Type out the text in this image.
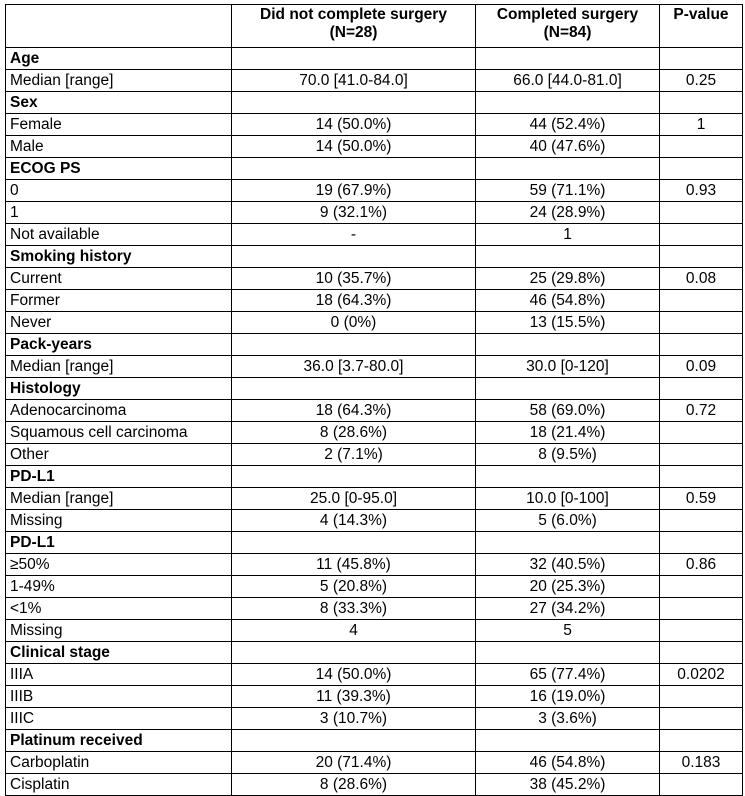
	Did not complete surgery (N=28)	Completed surgery (N=84)	P-value
Age			
Median [range]	70.0 [41.0-84.0]	66.0 [44.0-81.0]	0.25
Sex			
Female	14 (50.0%)	44 (52.4%)	1
Male	14 (50.0%)	40 (47.6%)	
ECOG PS			
0	19 (67.9%)	59 (71.1%)	0.93
1	9 (32.1%)	24 (28.9%)	
Not available	-	1	
Smoking history			
Current	10 (35.7%)	25 (29.8%)	0.08
Former	18 (64.3%)	46 (54.8%)	
Never	0 (0%)	13 (15.5%)	
Pack-years			
Median [range]	36.0 [3.7-80.0]	30.0 [0-120]	0.09
Histology			
Adenocarcinoma	18 (64.3%)	58 (69.0%)	0.72
Squamous cell carcinoma	8 (28.6%)	18 (21.4%)	
Other	2 (7.1%)	8 (9.5%)	
PD-L1			
Median [range]	25.0 [0-95.0]	10.0 [0-100]	0.59
Missing	4 (14.3%)	5 (6.0%)	
PD-L1			
≥50%	11 (45.8%)	32 (40.5%)	0.86
1-49%	5 (20.8%)	20 (25.3%)	
<1%	8 (33.3%)	27 (34.2%)	
Missing	4	5	
Clinical stage			
IIIA	14 (50.0%)	65 (77.4%)	0.0202
IIIB	11 (39.3%)	16 (19.0%)	
IIIC	3 (10.7%)	3 (3.6%)	
Platinum received			
Carboplatin	20 (71.4%)	46 (54.8%)	0.183
Cisplatin	8 (28.6%)	38 (45.2%)	
